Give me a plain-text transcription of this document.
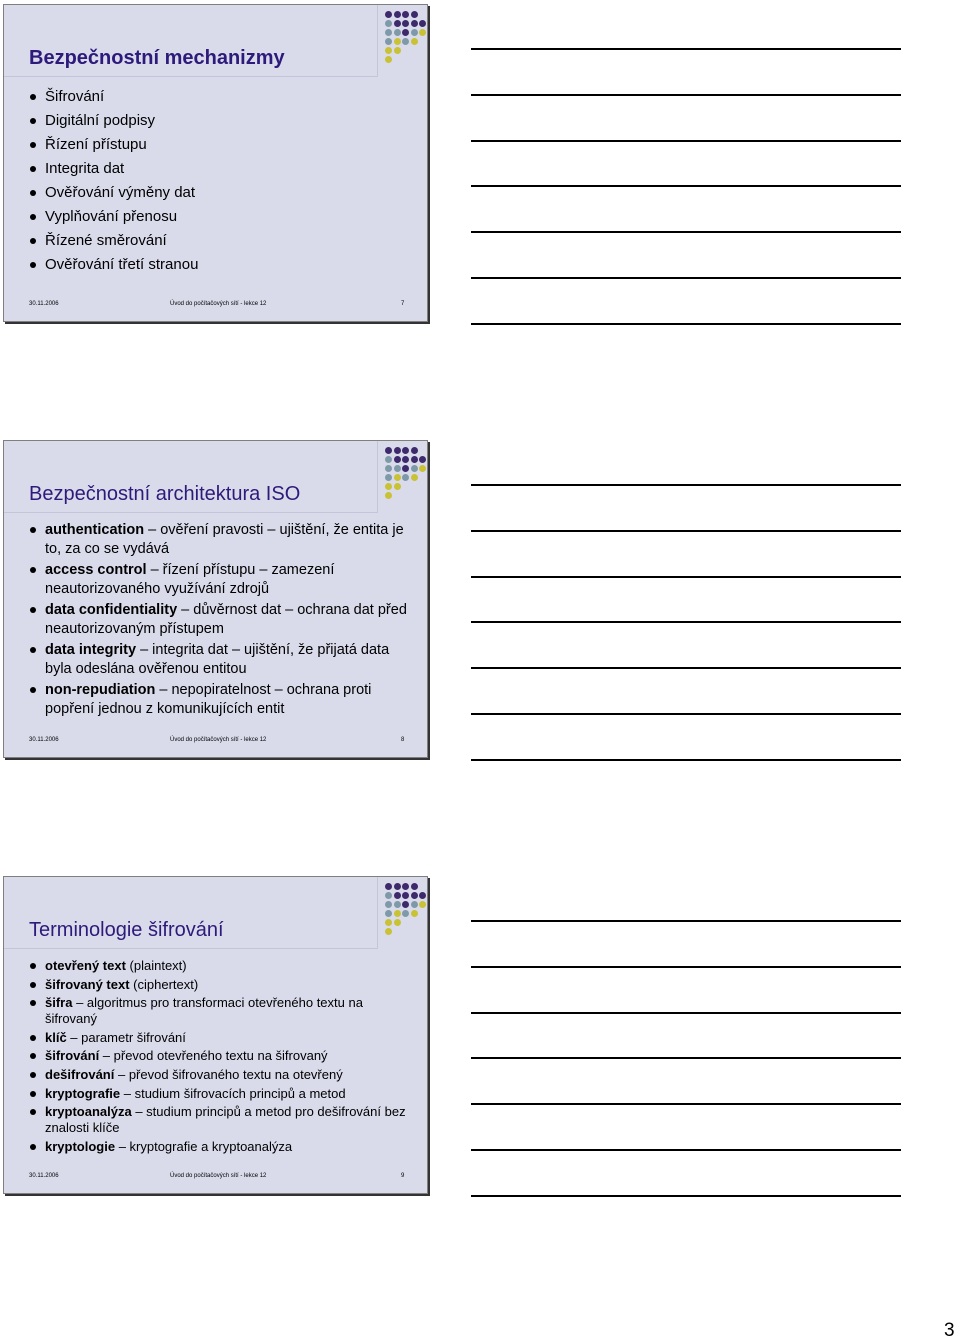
Bezpečnostní mechanizmy
Šifrování
Digitální podpisy
Řízení přístupu
Integrita dat
Ověřování výměny dat
Vyplňování přenosu
Řízené směrování
Ověřování třetí stranou
30.11.2006	Úvod do počítačových sítí - lekce 12	7
Bezpečnostní architektura ISO
authentication – ověření pravosti – ujištění, že entita je to, za co se vydává
access control – řízení přístupu – zamezení neautorizovaného využívání zdrojů
data confidentiality – důvěrnost dat – ochrana dat před neautorizovaným přístupem
data integrity – integrita dat – ujištění, že přijatá data byla odeslána ověřenou entitou
non-repudiation – nepopiratelnost – ochrana proti popření jednou z komunikujících entit
30.11.2006	Úvod do počítačových sítí - lekce 12	8
Terminologie šifrování
otevřený text (plaintext)
šifrovaný text (ciphertext)
šifra – algoritmus pro transformaci otevřeného textu na šifrovaný
klíč – parametr šifrování
šifrování – převod otevřeného textu na šifrovaný
dešifrování – převod šifrovaného textu na otevřený
kryptografie – studium šifrovacích principů a metod
kryptoanalýza – studium principů a metod pro dešifrování bez znalosti klíče
kryptologie – kryptografie a kryptoanalýza
30.11.2006	Úvod do počítačových sítí - lekce 12	9
3
